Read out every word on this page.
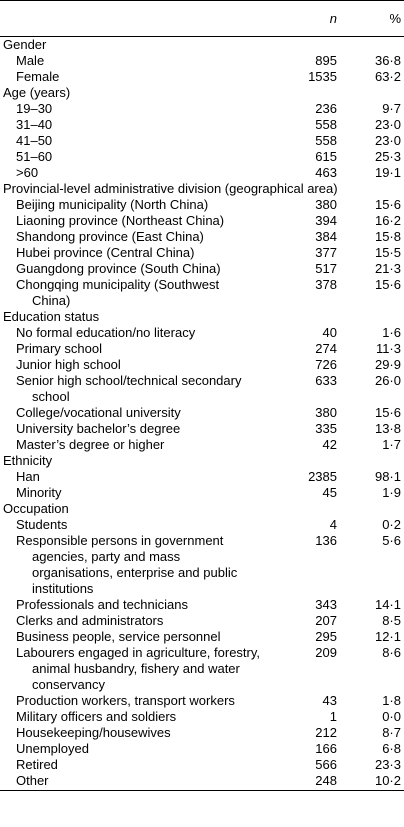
	n	%
Gender		
Male	895	36·8
Female	1535	63·2
Age (years)		
19–30	236	9·7
31–40	558	23·0
41–50	558	23·0
51–60	615	25·3
>60	463	19·1
Provincial-level administrative division (geographical area)		
Beijing municipality (North China)	380	15·6
Liaoning province (Northeast China)	394	16·2
Shandong province (East China)	384	15·8
Hubei province (Central China)	377	15·5
Guangdong province (South China)	517	21·3
Chongqing municipality (Southwest China)	378	15·6
Education status		
No formal education/no literacy	40	1·6
Primary school	274	11·3
Junior high school	726	29·9
Senior high school/technical secondary school	633	26·0
College/vocational university	380	15·6
University bachelor’s degree	335	13·8
Master’s degree or higher	42	1·7
Ethnicity		
Han	2385	98·1
Minority	45	1·9
Occupation		
Students	4	0·2
Responsible persons in government agencies, party and mass organisations, enterprise and public institutions	136	5·6
Professionals and technicians	343	14·1
Clerks and administrators	207	8·5
Business people, service personnel	295	12·1
Labourers engaged in agriculture, forestry, animal husbandry, fishery and water conservancy	209	8·6
Production workers, transport workers	43	1·8
Military officers and soldiers	1	0·0
Housekeeping/housewives	212	8·7
Unemployed	166	6·8
Retired	566	23·3
Other	248	10·2
